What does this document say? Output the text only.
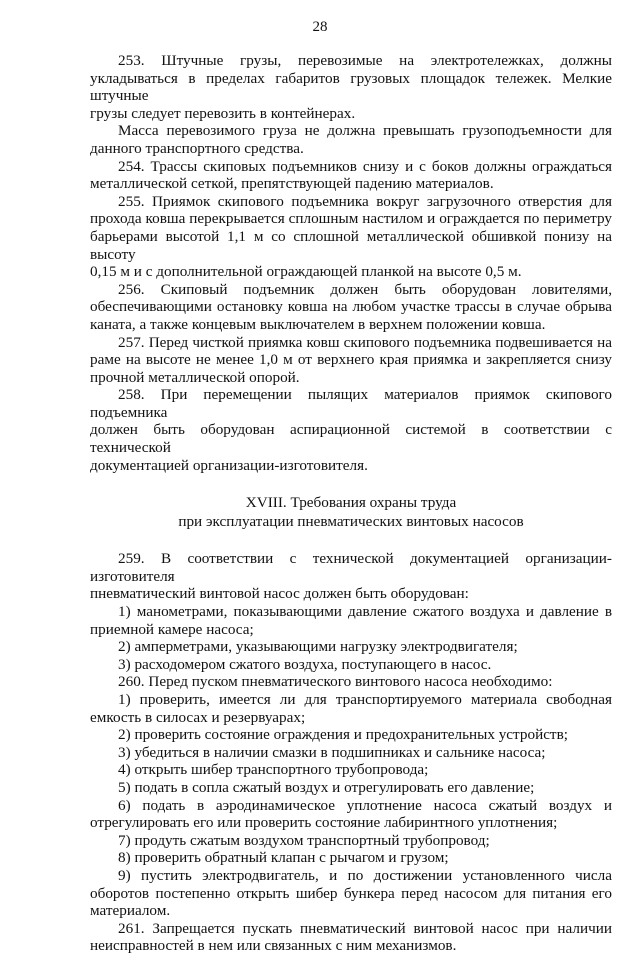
28

253. Штучные грузы, перевозимые на электротележках, должны

укладываться в пределах габаритов грузовых площадок тележек. Мелкие штучные

грузы следует перевозить в контейнерах.

Масса перевозимого груза не должна превышать грузоподъемности для

данного транспортного средства.

254. Трассы скиповых подъемников снизу и с боков должны ограждаться

металлической сеткой, препятствующей падению материалов.

255. Приямок скипового подъемника вокруг загрузочного отверстия для

прохода ковша перекрывается сплошным настилом и ограждается по периметру

барьерами высотой 1,1 м со сплошной металлической обшивкой понизу на высоту

0,15 м и с дополнительной ограждающей планкой на высоте 0,5 м.

256. Скиповый подъемник должен быть оборудован ловителями,

обеспечивающими остановку ковша на любом участке трассы в случае обрыва

каната, а также концевым выключателем в верхнем положении ковша.

257. Перед чисткой приямка ковш скипового подъемника подвешивается на

раме на высоте не менее 1,0 м от верхнего края приямка и закрепляется снизу

прочной металлической опорой.

258. При перемещении пылящих материалов приямок скипового подъемника

должен быть оборудован аспирационной системой в соответствии с технической

документацией организации-изготовителя.

XVIII. Требования охраны труда
при эксплуатации пневматических винтовых насосов

259. В соответствии с технической документацией организации-изготовителя

пневматический винтовой насос должен быть оборудован:

1) манометрами, показывающими давление сжатого воздуха и давление в

приемной камере насоса;

2) амперметрами, указывающими нагрузку электродвигателя;

3) расходомером сжатого воздуха, поступающего в насос.

260. Перед пуском пневматического винтового насоса необходимо:

1) проверить, имеется ли для транспортируемого материала свободная

емкость в силосах и резервуарах;

2) проверить состояние ограждения и предохранительных устройств;

3) убедиться в наличии смазки в подшипниках и сальнике насоса;

4) открыть шибер транспортного трубопровода;

5) подать в сопла сжатый воздух и отрегулировать его давление;

6) подать в аэродинамическое уплотнение насоса сжатый воздух и

отрегулировать его или проверить состояние лабиринтного уплотнения;

7) продуть сжатым воздухом транспортный трубопровод;

8) проверить обратный клапан с рычагом и грузом;

9) пустить электродвигатель, и по достижении установленного числа

оборотов постепенно открыть шибер бункера перед насосом для питания его

материалом.

261. Запрещается пускать пневматический винтовой насос при наличии

неисправностей в нем или связанных с ним механизмов.
